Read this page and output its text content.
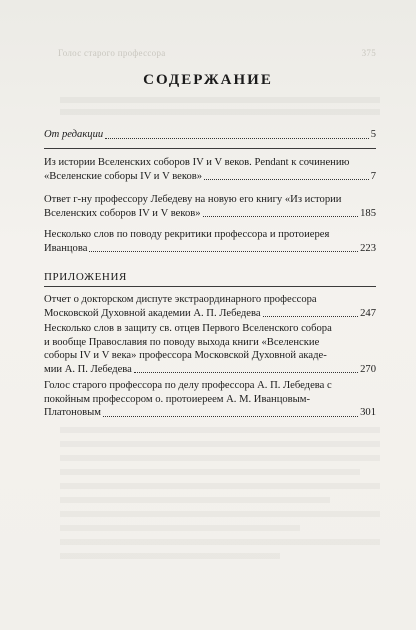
Голос старого профессора	375
СОДЕРЖАНИЕ
От редакции	5
Из истории Вселенских соборов IV и V веков. Pendant к сочинению
«Вселенские соборы IV и V веков»	7
Ответ г-ну профессору Лебедеву на новую его книгу «Из истории
Вселенских соборов IV и V веков»	185
Несколько слов по поводу рекритики профессора и протоиерея
Иванцова	223
ПРИЛОЖЕНИЯ
Отчет о докторском диспуте экстраординарного профессора
Московской Духовной академии А. П. Лебедева	247
Несколько слов в защиту св. отцев Первого Вселенского собора
и вообще Православия по поводу выхода книги «Вселенские
соборы IV и V века» профессора Московской Духовной акаде-
мии А. П. Лебедева	270
Голос старого профессора по делу профессора А. П. Лебедева с
покойным профессором о. протоиереем А. М. Иванцовым-
Платоновым	301
